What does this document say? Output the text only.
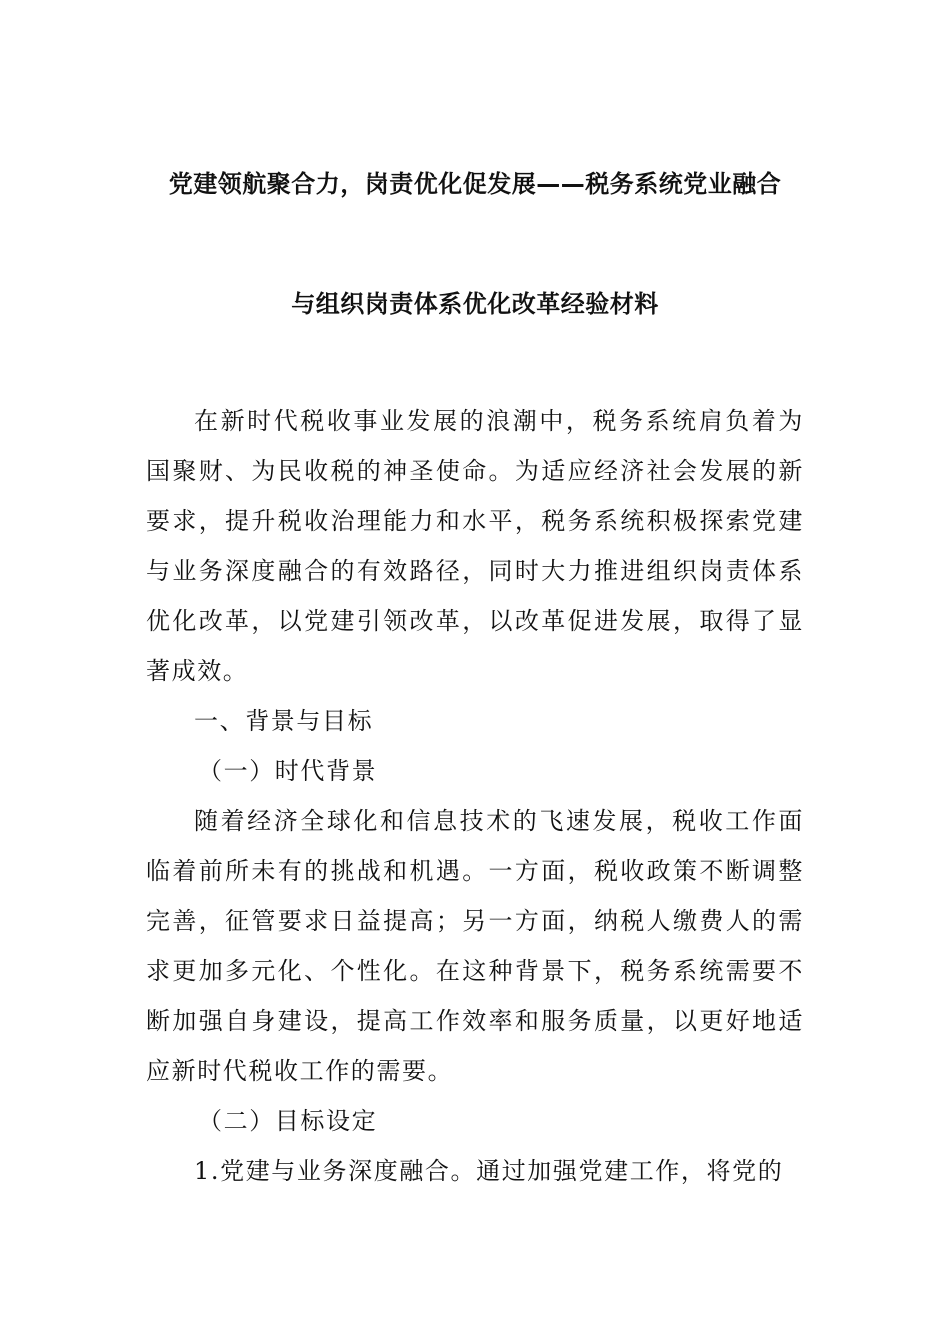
党建领航聚合力，岗责优化促发展——税务系统党业融合
与组织岗责体系优化改革经验材料

在新时代税收事业发展的浪潮中，税务系统肩负着为国聚财、为民收税的神圣使命。为适应经济社会发展的新要求，提升税收治理能力和水平，税务系统积极探索党建与业务深度融合的有效路径，同时大力推进组织岗责体系优化改革，以党建引领改革，以改革促进发展，取得了显著成效。

一、背景与目标

（一）时代背景

随着经济全球化和信息技术的飞速发展，税收工作面临着前所未有的挑战和机遇。一方面，税收政策不断调整完善，征管要求日益提高；另一方面，纳税人缴费人的需求更加多元化、个性化。在这种背景下，税务系统需要不断加强自身建设，提高工作效率和服务质量，以更好地适应新时代税收工作的需要。

（二）目标设定

1.党建与业务深度融合。通过加强党建工作，将党的
